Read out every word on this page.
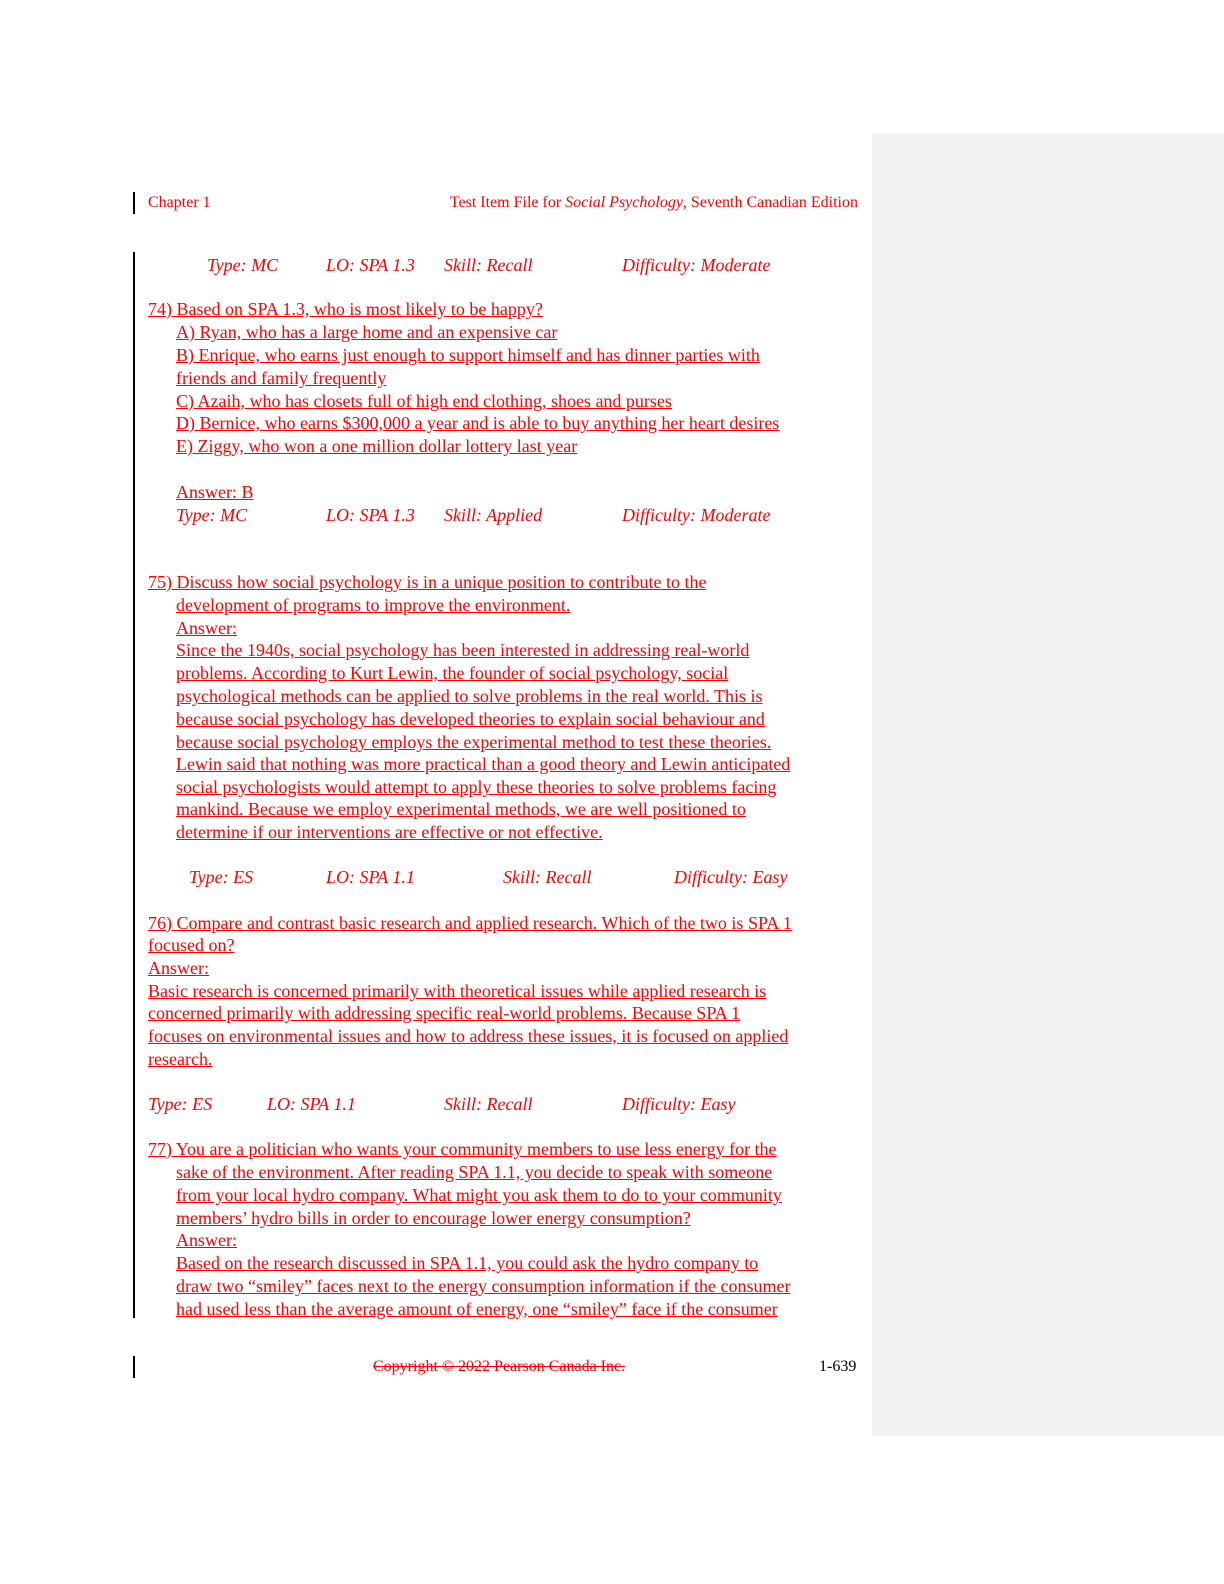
Chapter 1	Test Item File for Social Psychology, Seventh Canadian Edition
Type: MC	LO: SPA 1.3 Skill: Recall	Difficulty: Moderate
74) Based on SPA 1.3, who is most likely to be happy?
A) Ryan, who has a large home and an expensive car
B) Enrique, who earns just enough to support himself and has dinner parties with
friends and family frequently
C) Azaih, who has closets full of high end clothing, shoes and purses
D) Bernice, who earns $300,000 a year and is able to buy anything her heart desires
E) Ziggy, who won a one million dollar lottery last year
Answer: B
Type: MC	LO: SPA 1.3 Skill: Applied	Difficulty: Moderate
75) Discuss how social psychology is in a unique position to contribute to the
development of programs to improve the environment.
Answer:
Since the 1940s, social psychology has been interested in addressing real-world
problems. According to Kurt Lewin, the founder of social psychology, social
psychological methods can be applied to solve problems in the real world. This is
because social psychology has developed theories to explain social behaviour and
because social psychology employs the experimental method to test these theories.
Lewin said that nothing was more practical than a good theory and Lewin anticipated
social psychologists would attempt to apply these theories to solve problems facing
mankind. Because we employ experimental methods, we are well positioned to
determine if our interventions are effective or not effective.
Type: ES	LO: SPA 1.1	Skill: Recall	Difficulty: Easy
76) Compare and contrast basic research and applied research. Which of the two is SPA 1
focused on?
Answer:
Basic research is concerned primarily with theoretical issues while applied research is
concerned primarily with addressing specific real-world problems. Because SPA 1
focuses on environmental issues and how to address these issues, it is focused on applied
research.
Type: ES	LO: SPA 1.1	Skill: Recall	Difficulty: Easy
77) You are a politician who wants your community members to use less energy for the
sake of the environment. After reading SPA 1.1, you decide to speak with someone
from your local hydro company. What might you ask them to do to your community
members’ hydro bills in order to encourage lower energy consumption?
Answer:
Based on the research discussed in SPA 1.1, you could ask the hydro company to
draw two “smiley” faces next to the energy consumption information if the consumer
had used less than the average amount of energy, one “smiley” face if the consumer
Copyright © 2022 Pearson Canada Inc.	1-639
